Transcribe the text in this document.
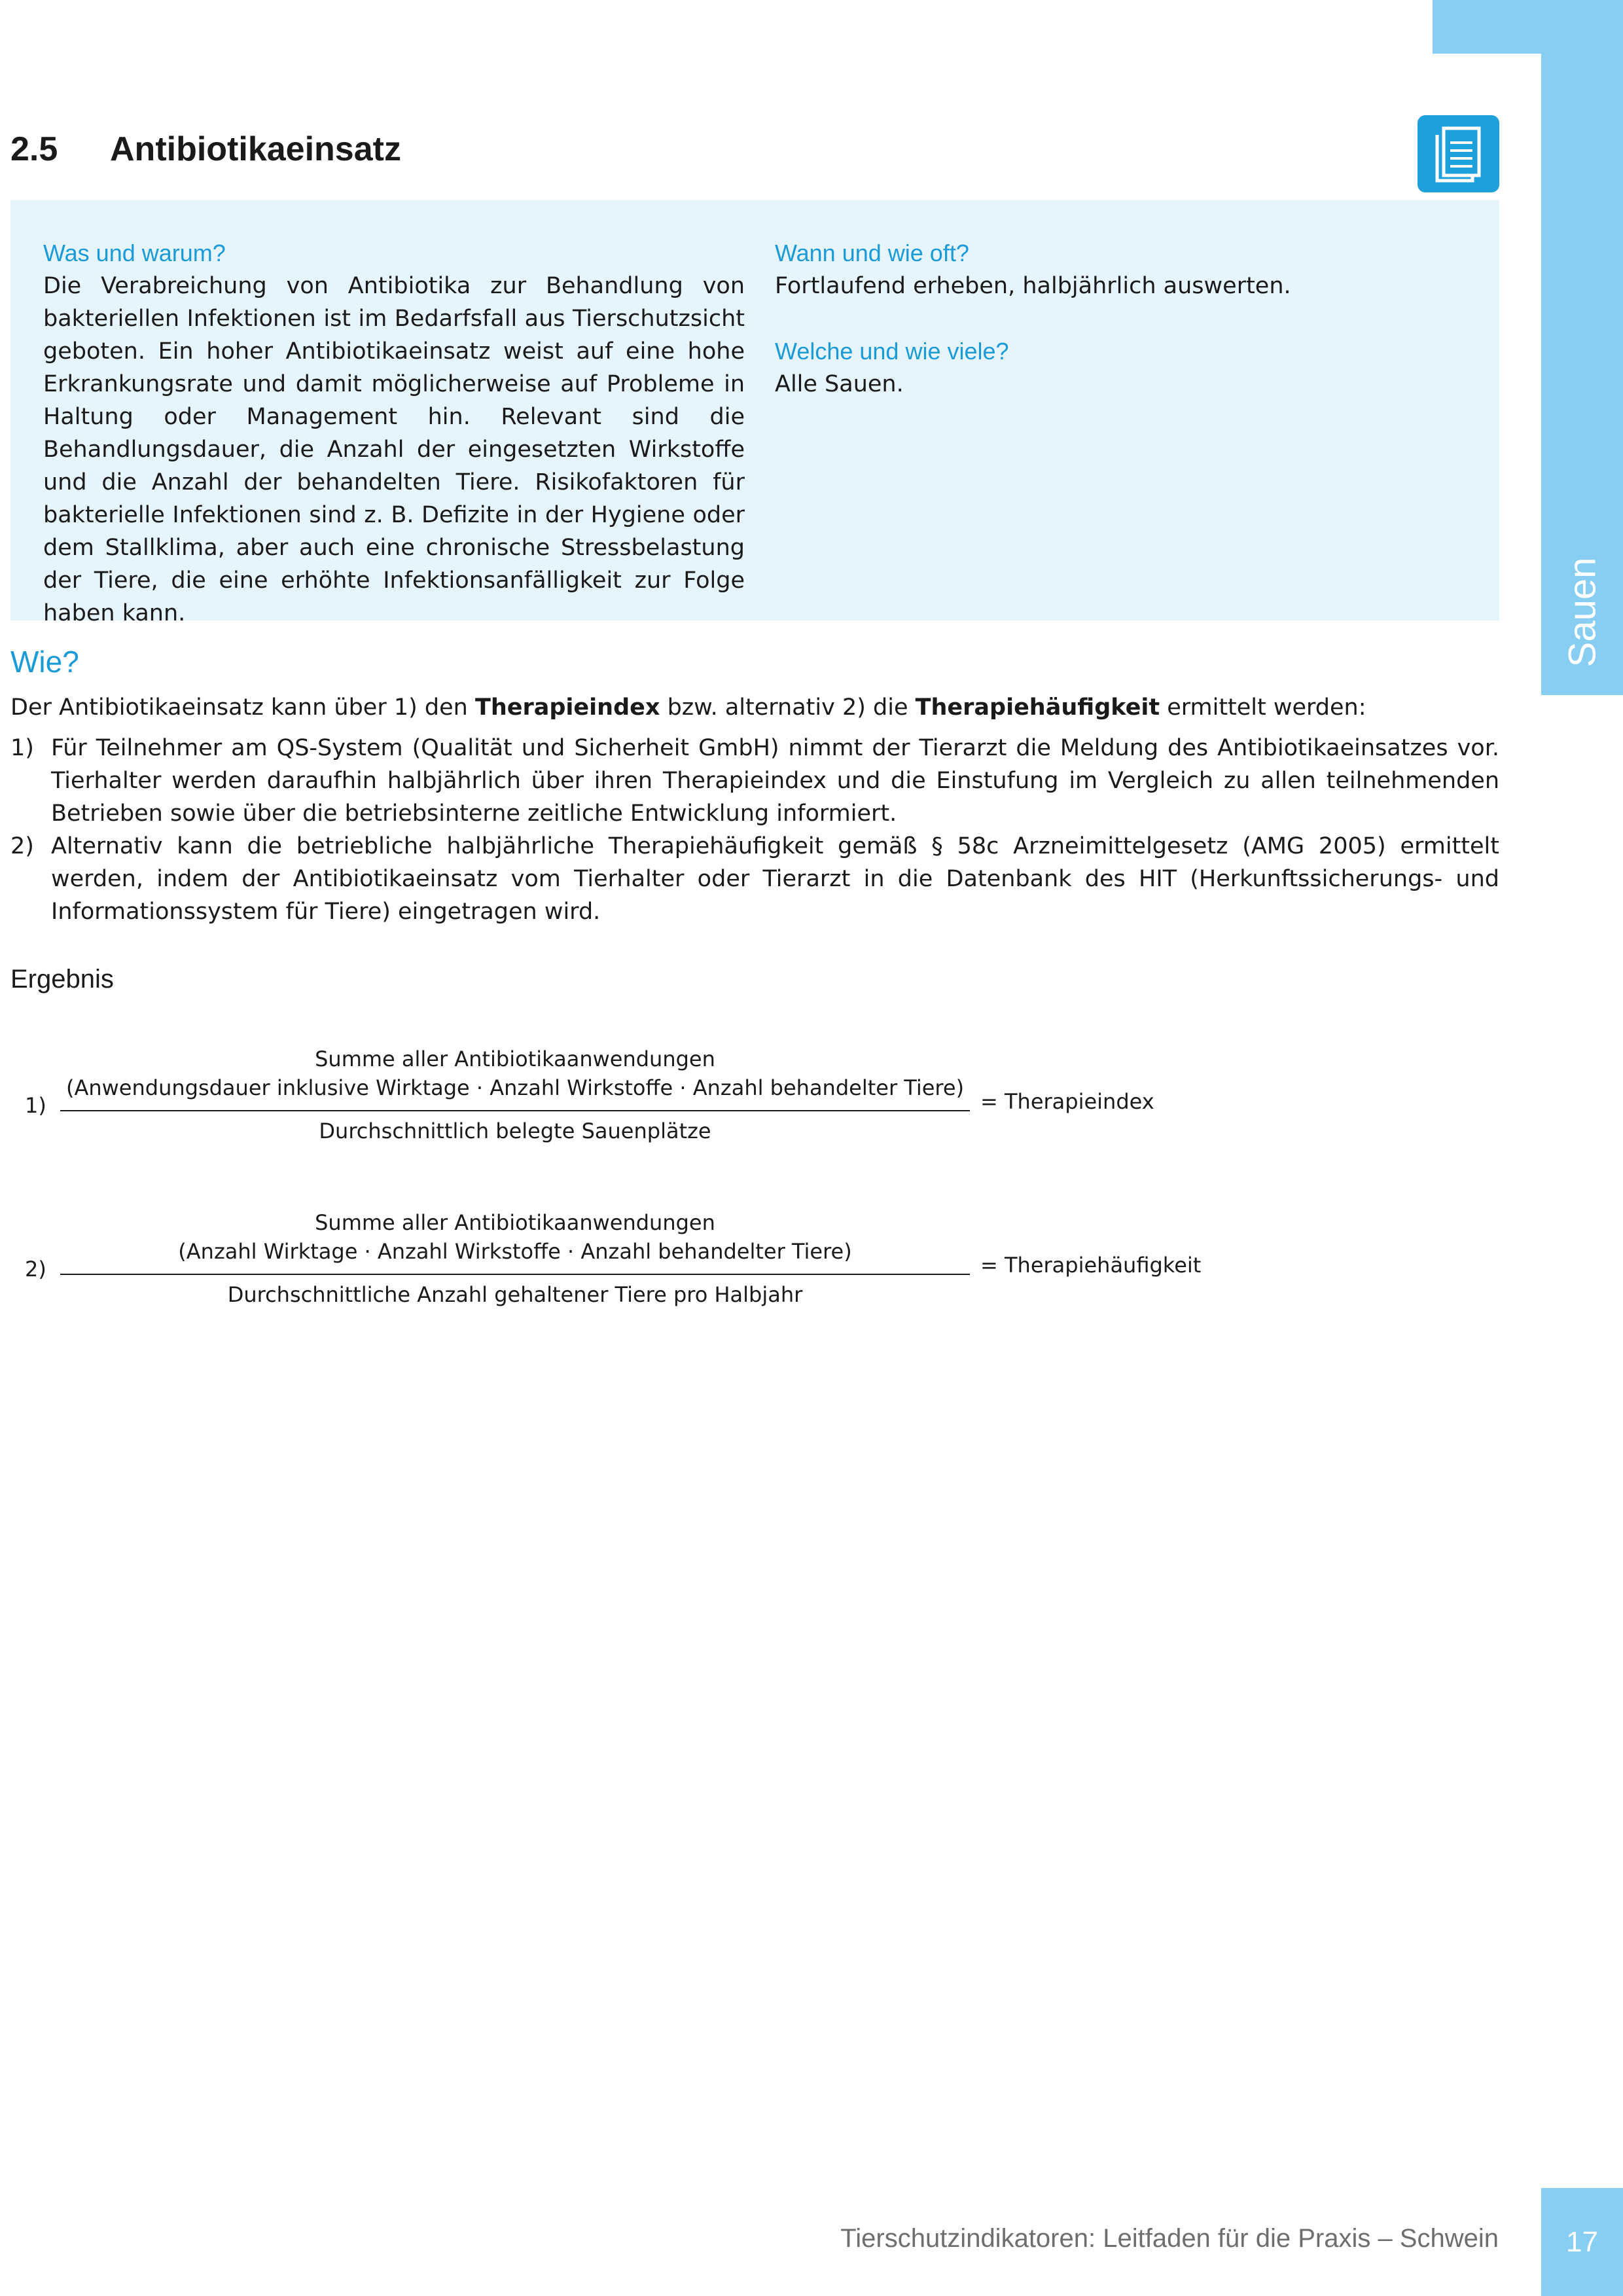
Sauen
2.5 Antibiotikaeinsatz

Was und warum?

Die Verabreichung von Antibiotika zur Behandlung von bakteriellen Infektionen ist im Bedarfsfall aus Tierschutzsicht geboten. Ein hoher Antibiotikaeinsatz weist auf eine hohe Erkrankungsrate und damit möglicherweise auf Probleme in Haltung oder Management hin. Relevant sind die Behandlungsdauer, die Anzahl der eingesetzten Wirkstoffe und die Anzahl der behandelten Tiere. Risikofaktoren für bakterielle Infektionen sind z. B. Defizite in der Hygiene oder dem Stallklima, aber auch eine chronische Stressbelastung der Tiere, die eine erhöhte Infektionsanfälligkeit zur Folge haben kann.

Wann und wie oft?

Fortlaufend erheben, halbjährlich auswerten.

Welche und wie viele?

Alle Sauen.

Wie?
Der Antibiotikaeinsatz kann über 1) den Therapieindex bzw. alternativ 2) die Therapiehäufigkeit ermittelt werden:
1) Für Teilnehmer am QS-System (Qualität und Sicherheit GmbH) nimmt der Tierarzt die Meldung des Antibiotikaeinsatzes vor. Tierhalter werden daraufhin halbjährlich über ihren Therapieindex und die Einstufung im Vergleich zu allen teilnehmenden Betrieben sowie über die betriebsinterne zeitliche Entwicklung informiert.
2) Alternativ kann die betriebliche halbjährliche Therapiehäufigkeit gemäß § 58c Arzneimittelgesetz (AMG 2005) ermittelt werden, indem der Antibiotikaeinsatz vom Tierhalter oder Tierarzt in die Datenbank des HIT (Herkunftssicherungs- und Informationssystem für Tiere) eingetragen wird.
Ergebnis
1)
Summe aller Antibiotikaanwendungen
(Anwendungsdauer inklusive Wirktage · Anzahl Wirkstoffe · Anzahl behandelter Tiere)
Durchschnittlich belegte Sauenplätze
= Therapieindex
2)
Summe aller Antibiotikaanwendungen
(Anzahl Wirktage · Anzahl Wirkstoffe · Anzahl behandelter Tiere)
Durchschnittliche Anzahl gehaltener Tiere pro Halbjahr
= Therapiehäufigkeit
Tierschutzindikatoren: Leitfaden für die Praxis – Schwein 17
